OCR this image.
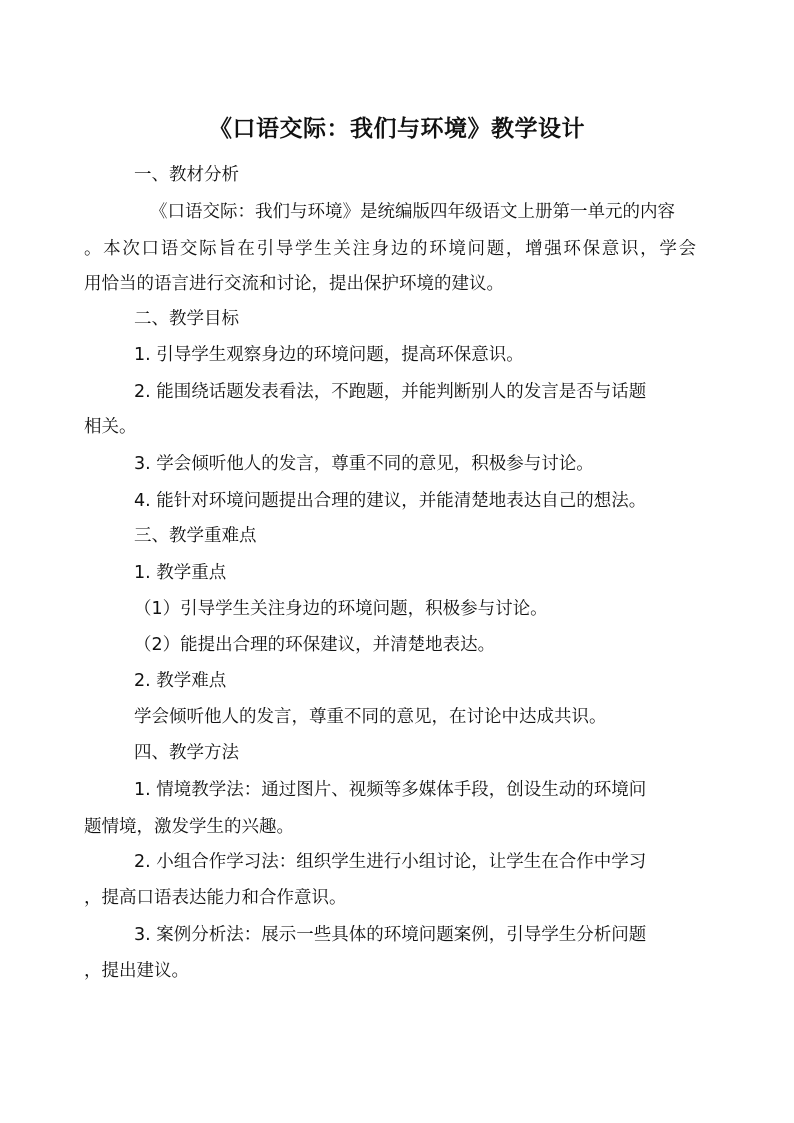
《口语交际：我们与环境》教学设计
一、教材分析
《口语交际：我们与环境》是统编版四年级语文上册第一单元的内容
。本次口语交际旨在引导学生关注身边的环境问题，增强环保意识，学会
用恰当的语言进行交流和讨论，提出保护环境的建议。
二、教学目标
1. 引导学生观察身边的环境问题，提高环保意识。
2. 能围绕话题发表看法，不跑题，并能判断别人的发言是否与话题
相关。
3. 学会倾听他人的发言，尊重不同的意见，积极参与讨论。
4. 能针对环境问题提出合理的建议，并能清楚地表达自己的想法。
三、教学重难点
1. 教学重点
（1）引导学生关注身边的环境问题，积极参与讨论。
（2）能提出合理的环保建议，并清楚地表达。
2. 教学难点
学会倾听他人的发言，尊重不同的意见，在讨论中达成共识。
四、教学方法
1. 情境教学法：通过图片、视频等多媒体手段，创设生动的环境问
题情境，激发学生的兴趣。
2. 小组合作学习法：组织学生进行小组讨论，让学生在合作中学习
，提高口语表达能力和合作意识。
3. 案例分析法：展示一些具体的环境问题案例，引导学生分析问题
，提出建议。
